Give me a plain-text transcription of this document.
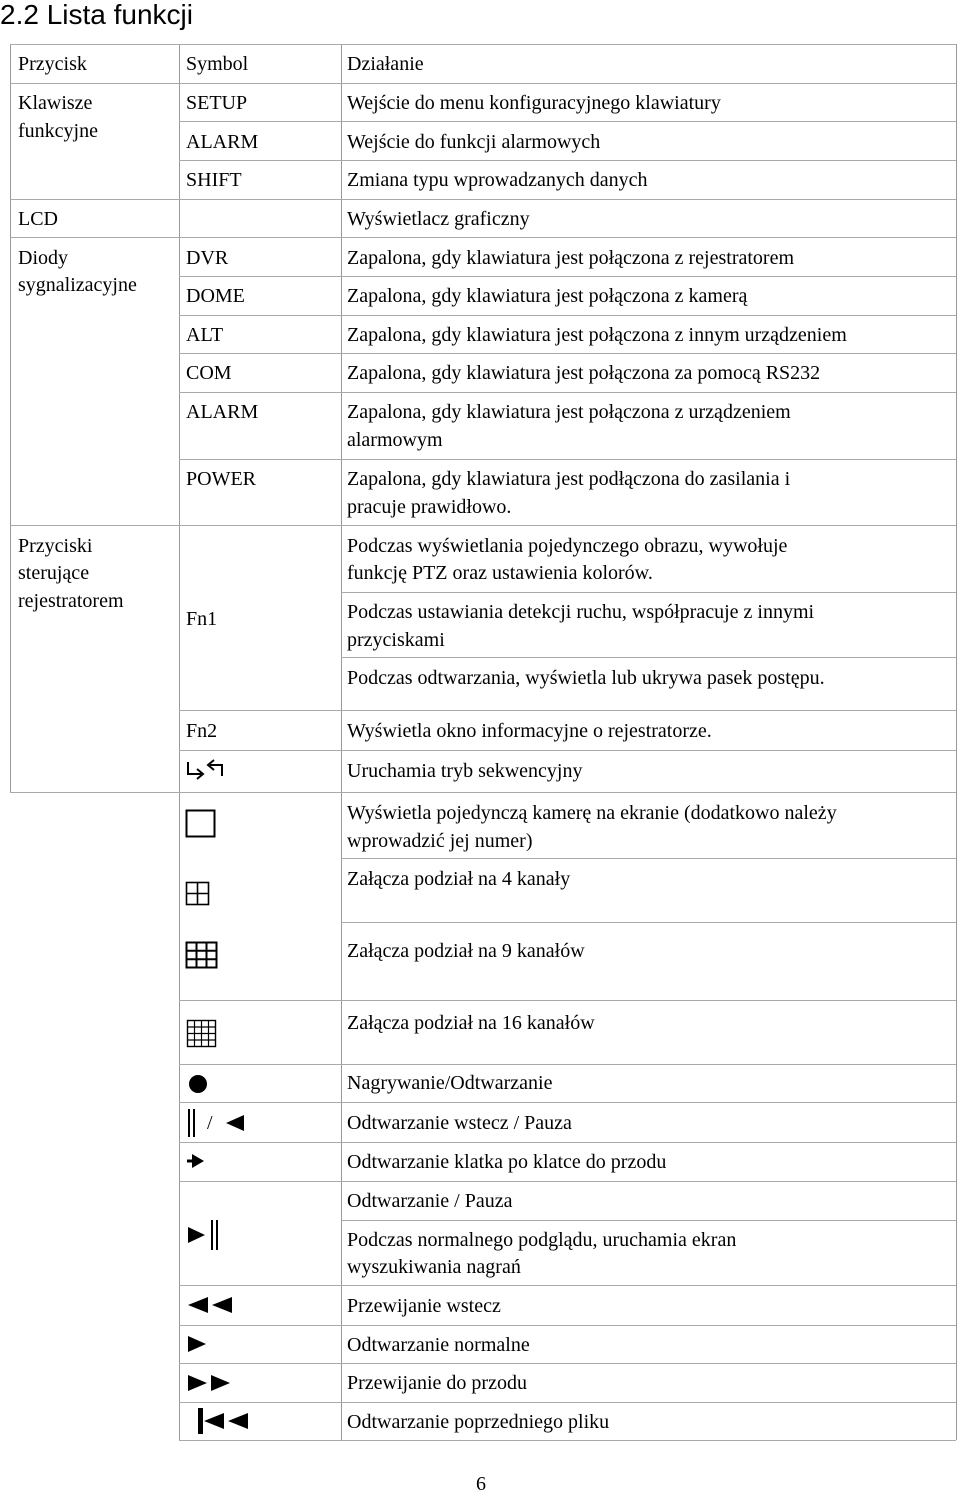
2.2 Lista funkcji
Przycisk	Symbol	Działanie
Klawisze
funkcyjne
LCD
Diody
sygnalizacyjne
Przyciski
sterujące
rejestratorem
SETUP
ALARM
SHIFT
DVR
DOME
ALT
COM
ALARM
POWER
Fn1
Fn2
/
Wejście do menu konfiguracyjnego klawiatury
Wejście do funkcji alarmowych
Zmiana typu wprowadzanych danych
Wyświetlacz graficzny
Zapalona, gdy klawiatura jest połączona z rejestratorem
Zapalona, gdy klawiatura jest połączona z kamerą
Zapalona, gdy klawiatura jest połączona z innym urządzeniem
Zapalona, gdy klawiatura jest połączona za pomocą RS232
Zapalona, gdy klawiatura jest połączona z urządzeniem
alarmowym
Zapalona, gdy klawiatura jest podłączona do zasilania i
pracuje prawidłowo.
Podczas wyświetlania pojedynczego obrazu, wywołuje
funkcję PTZ oraz ustawienia kolorów.
Podczas ustawiania detekcji ruchu, współpracuje z innymi
przyciskami
Podczas odtwarzania, wyświetla lub ukrywa pasek postępu.
Wyświetla okno informacyjne o rejestratorze.
Uruchamia tryb sekwencyjny
Wyświetla pojedynczą kamerę na ekranie (dodatkowo należy
wprowadzić jej numer)
Załącza podział na 4 kanały
Załącza podział na 9 kanałów
Załącza podział na 16 kanałów
Nagrywanie/Odtwarzanie
Odtwarzanie wstecz / Pauza
Odtwarzanie klatka po klatce do przodu
Odtwarzanie / Pauza
Podczas normalnego podglądu, uruchamia ekran
wyszukiwania nagrań
Przewijanie wstecz
Odtwarzanie normalne
Przewijanie do przodu
Odtwarzanie poprzedniego pliku
6
